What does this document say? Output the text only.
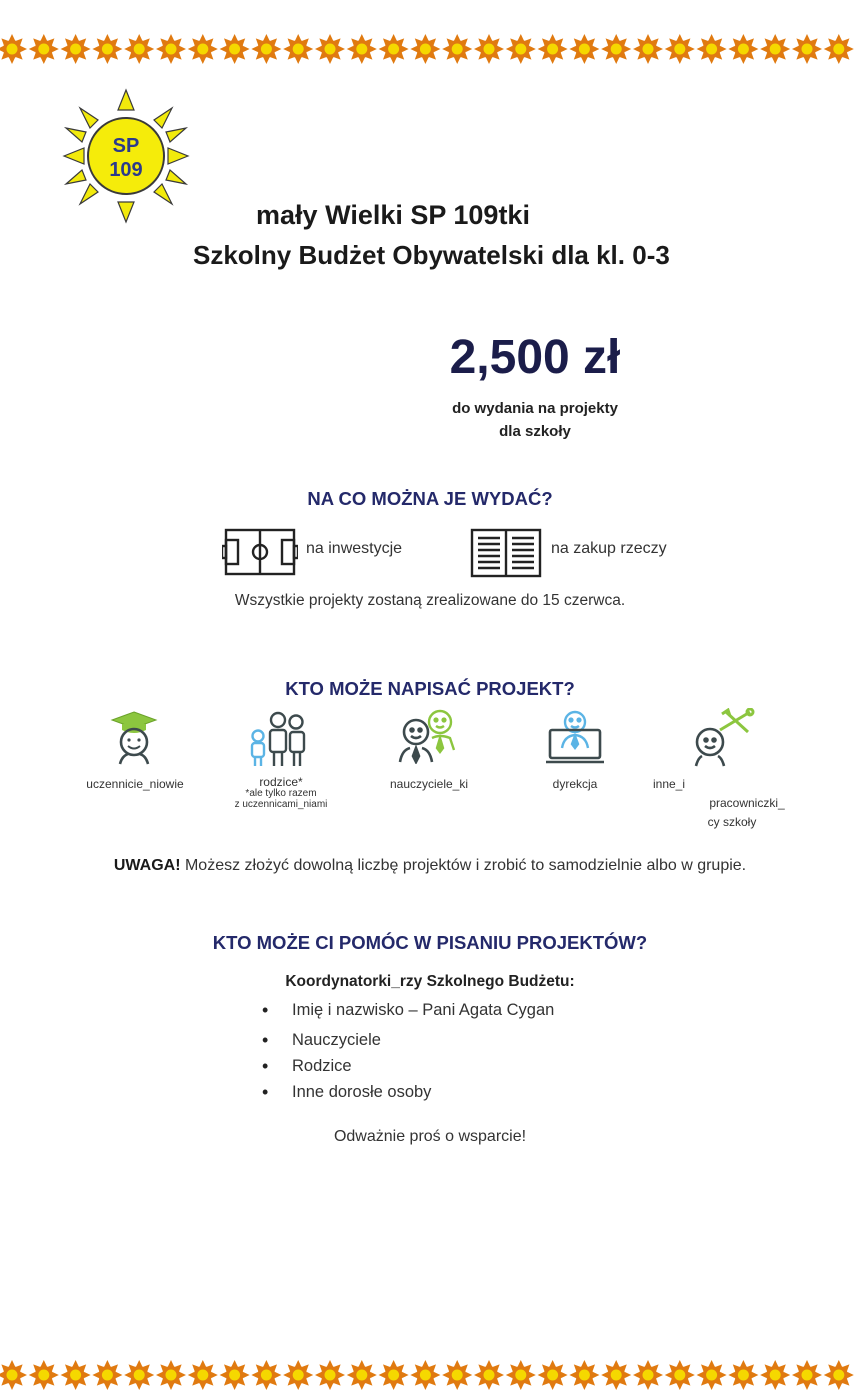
SP
109
mały Wielki SP 109tki
Szkolny Budżet Obywatelski dla kl. 0-3
2,500 zł
do wydania na projekty
dla szkoły
NA CO MOŻNA JE WYDAĆ?
na inwestycje	na zakup rzeczy
Wszystkie projekty zostaną zrealizowane do 15 czerwca.
KTO MOŻE NAPISAĆ PROJEKT?
uczennicie_niowie	rodzice*
*ale tylko razem
z uczennicami_niami
nauczyciele_ki	dyrekcja	inne_i
pracowniczki_
cy szkoły
UWAGA! Możesz złożyć dowolną liczbę projektów i zrobić to samodzielnie albo w grupie.
KTO MOŻE CI POMÓC W PISANIU PROJEKTÓW?
Koordynatorki_rzy Szkolnego Budżetu:
• Imię i nazwisko – Pani Agata Cygan
• Nauczyciele
• Rodzice
• Inne dorosłe osoby
Odważnie proś o wsparcie!
